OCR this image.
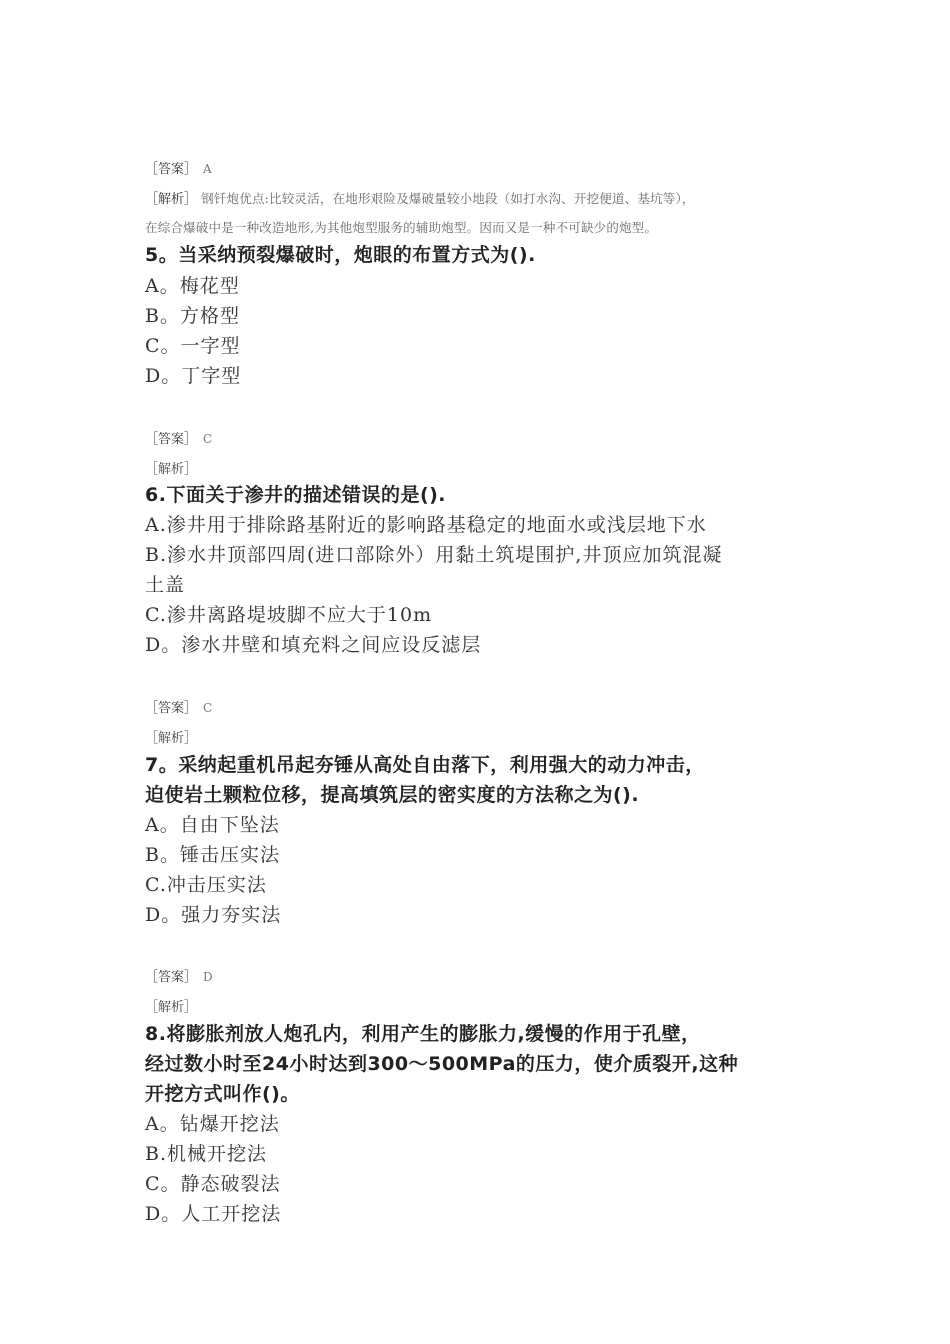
［答案］ A
［解析］ 钢钎炮优点:比较灵活，在地形艰险及爆破量较小地段（如打水沟、开挖便道、基坑等），
在综合爆破中是一种改造地形,为其他炮型服务的辅助炮型。因而又是一种不可缺少的炮型。
5。当采纳预裂爆破时，炮眼的布置方式为().
A。梅花型
B。方格型
C。一字型
D。丁字型
［答案］ C
［解析］
6.下面关于渗井的描述错误的是().
A.渗井用于排除路基附近的影响路基稳定的地面水或浅层地下水
B.渗水井顶部四周(进口部除外）用黏土筑堤围护,井顶应加筑混凝
土盖
C.渗井离路堤坡脚不应大于10m
D。渗水井壁和填充料之间应设反滤层
［答案］ C
［解析］
7。采纳起重机吊起夯锤从高处自由落下，利用强大的动力冲击，
迫使岩土颗粒位移，提高填筑层的密实度的方法称之为().
A。自由下坠法
B。锤击压实法
C.冲击压实法
D。强力夯实法
［答案］ D
［解析］
8.将膨胀剂放人炮孔内，利用产生的膨胀力,缓慢的作用于孔壁，
经过数小时至24小时达到300～500MPa的压力，使介质裂开,这种
开挖方式叫作()。
A。钻爆开挖法
B.机械开挖法
C。静态破裂法
D。人工开挖法
